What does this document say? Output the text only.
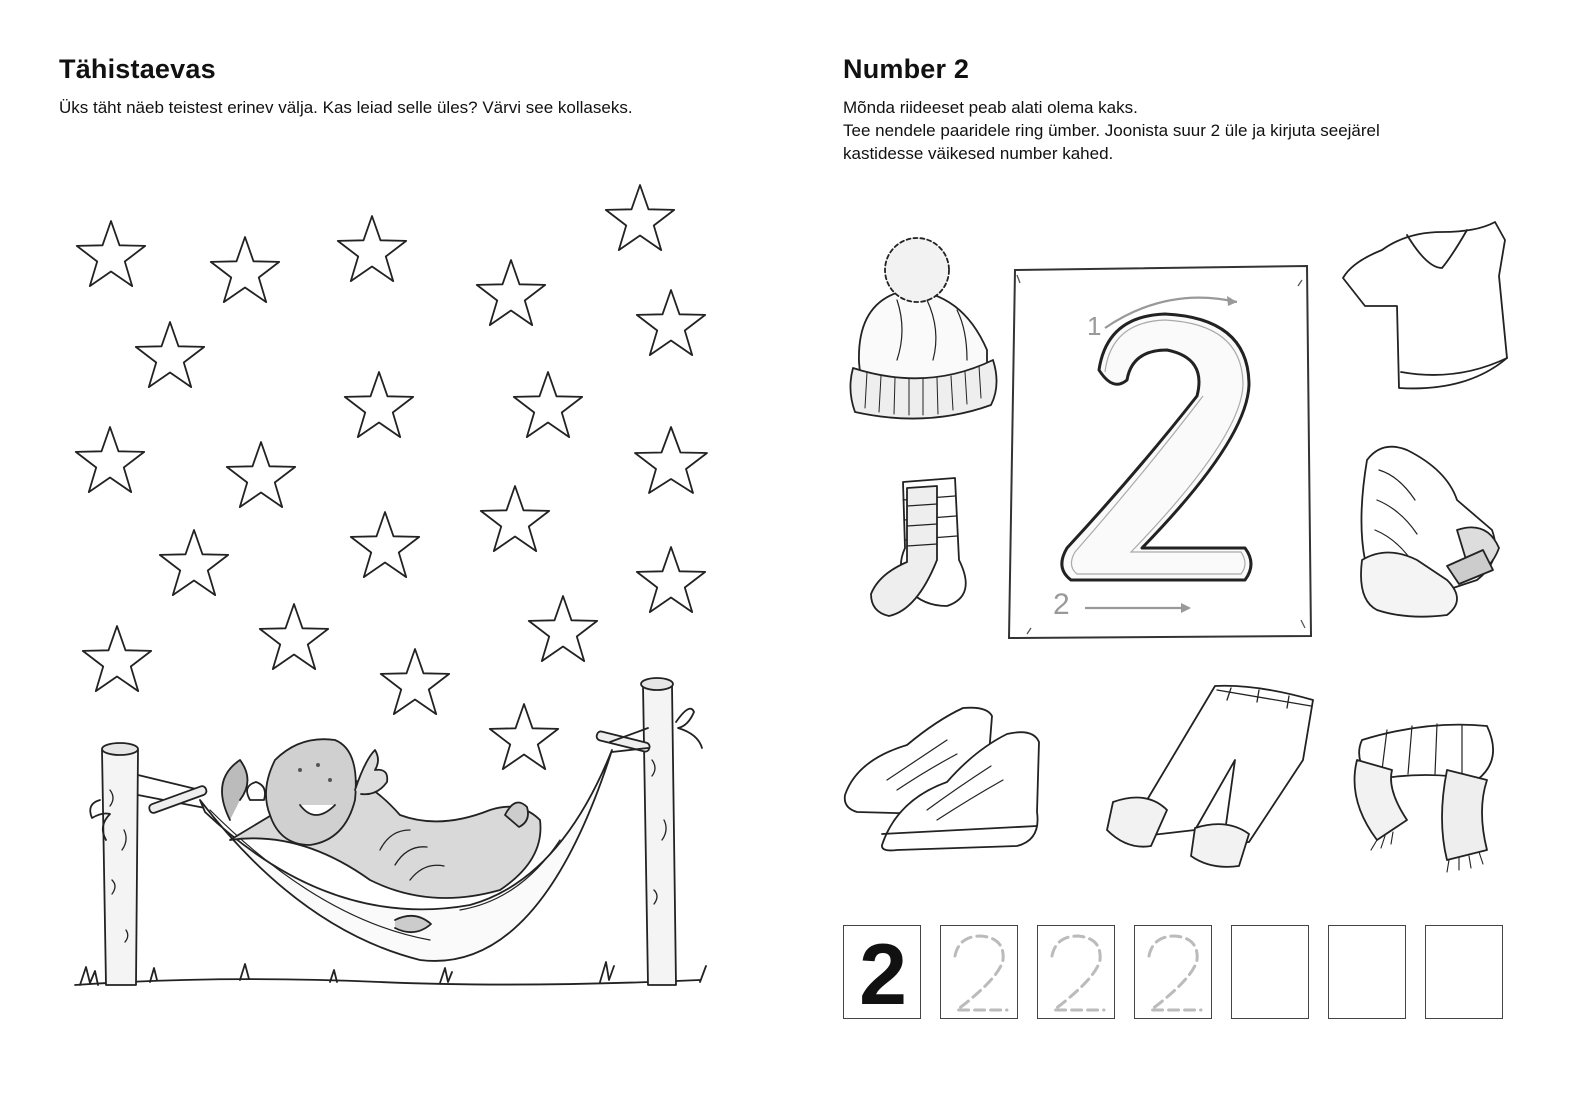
Tähistaevas
Üks täht näeb teistest erinev välja. Kas leiad selle üles? Värvi see kollaseks.
Number 2
Mõnda riideeset peab alati olema kaks.
Tee nendele paaridele ring ümber. Joonista suur 2 üle ja kirjuta seejärel
kastidesse väikesed number kahed.
1
2
2
